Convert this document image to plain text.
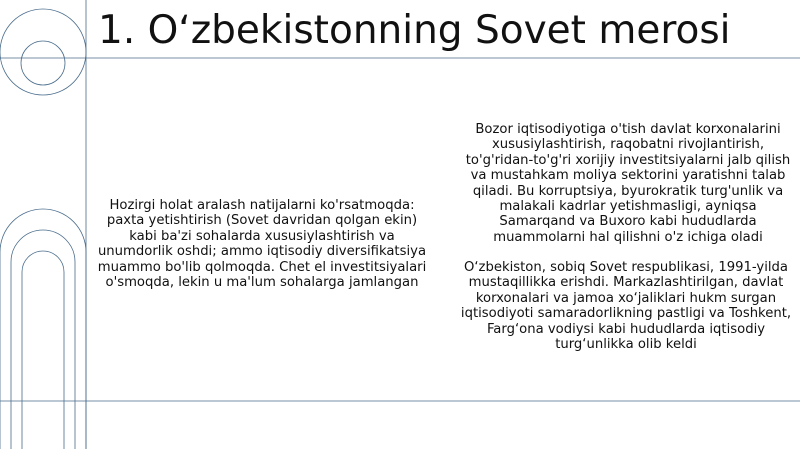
1. O‘zbekistonning Sovet merosi

Hozirgi holat aralash natijalarni ko'rsatmoqda: paxta yetishtirish (Sovet davridan qolgan ekin) kabi ba'zi sohalarda xususiylashtirish va unumdorlik oshdi; ammo iqtisodiy diversifikatsiya muammo bo'lib qolmoqda. Chet el investitsiyalari o'smoqda, lekin u ma'lum sohalarga jamlangan

Bozor iqtisodiyotiga o'tish davlat korxonalarini xususiylashtirish, raqobatni rivojlantirish, to'g'ridan-to'g'ri xorijiy investitsiyalarni jalb qilish va mustahkam moliya sektorini yaratishni talab qiladi. Bu korruptsiya, byurokratik turg'unlik va malakali kadrlar yetishmasligi, ayniqsa Samarqand va Buxoro kabi hududlarda muammolarni hal qilishni o'z ichiga oladi

O‘zbekiston, sobiq Sovet respublikasi, 1991-yilda mustaqillikka erishdi. Markazlashtirilgan, davlat korxonalari va jamoa xo‘jaliklari hukm surgan iqtisodiyoti samaradorlikning pastligi va Toshkent, Farg‘ona vodiysi kabi hududlarda iqtisodiy turg‘unlikka olib keldi
